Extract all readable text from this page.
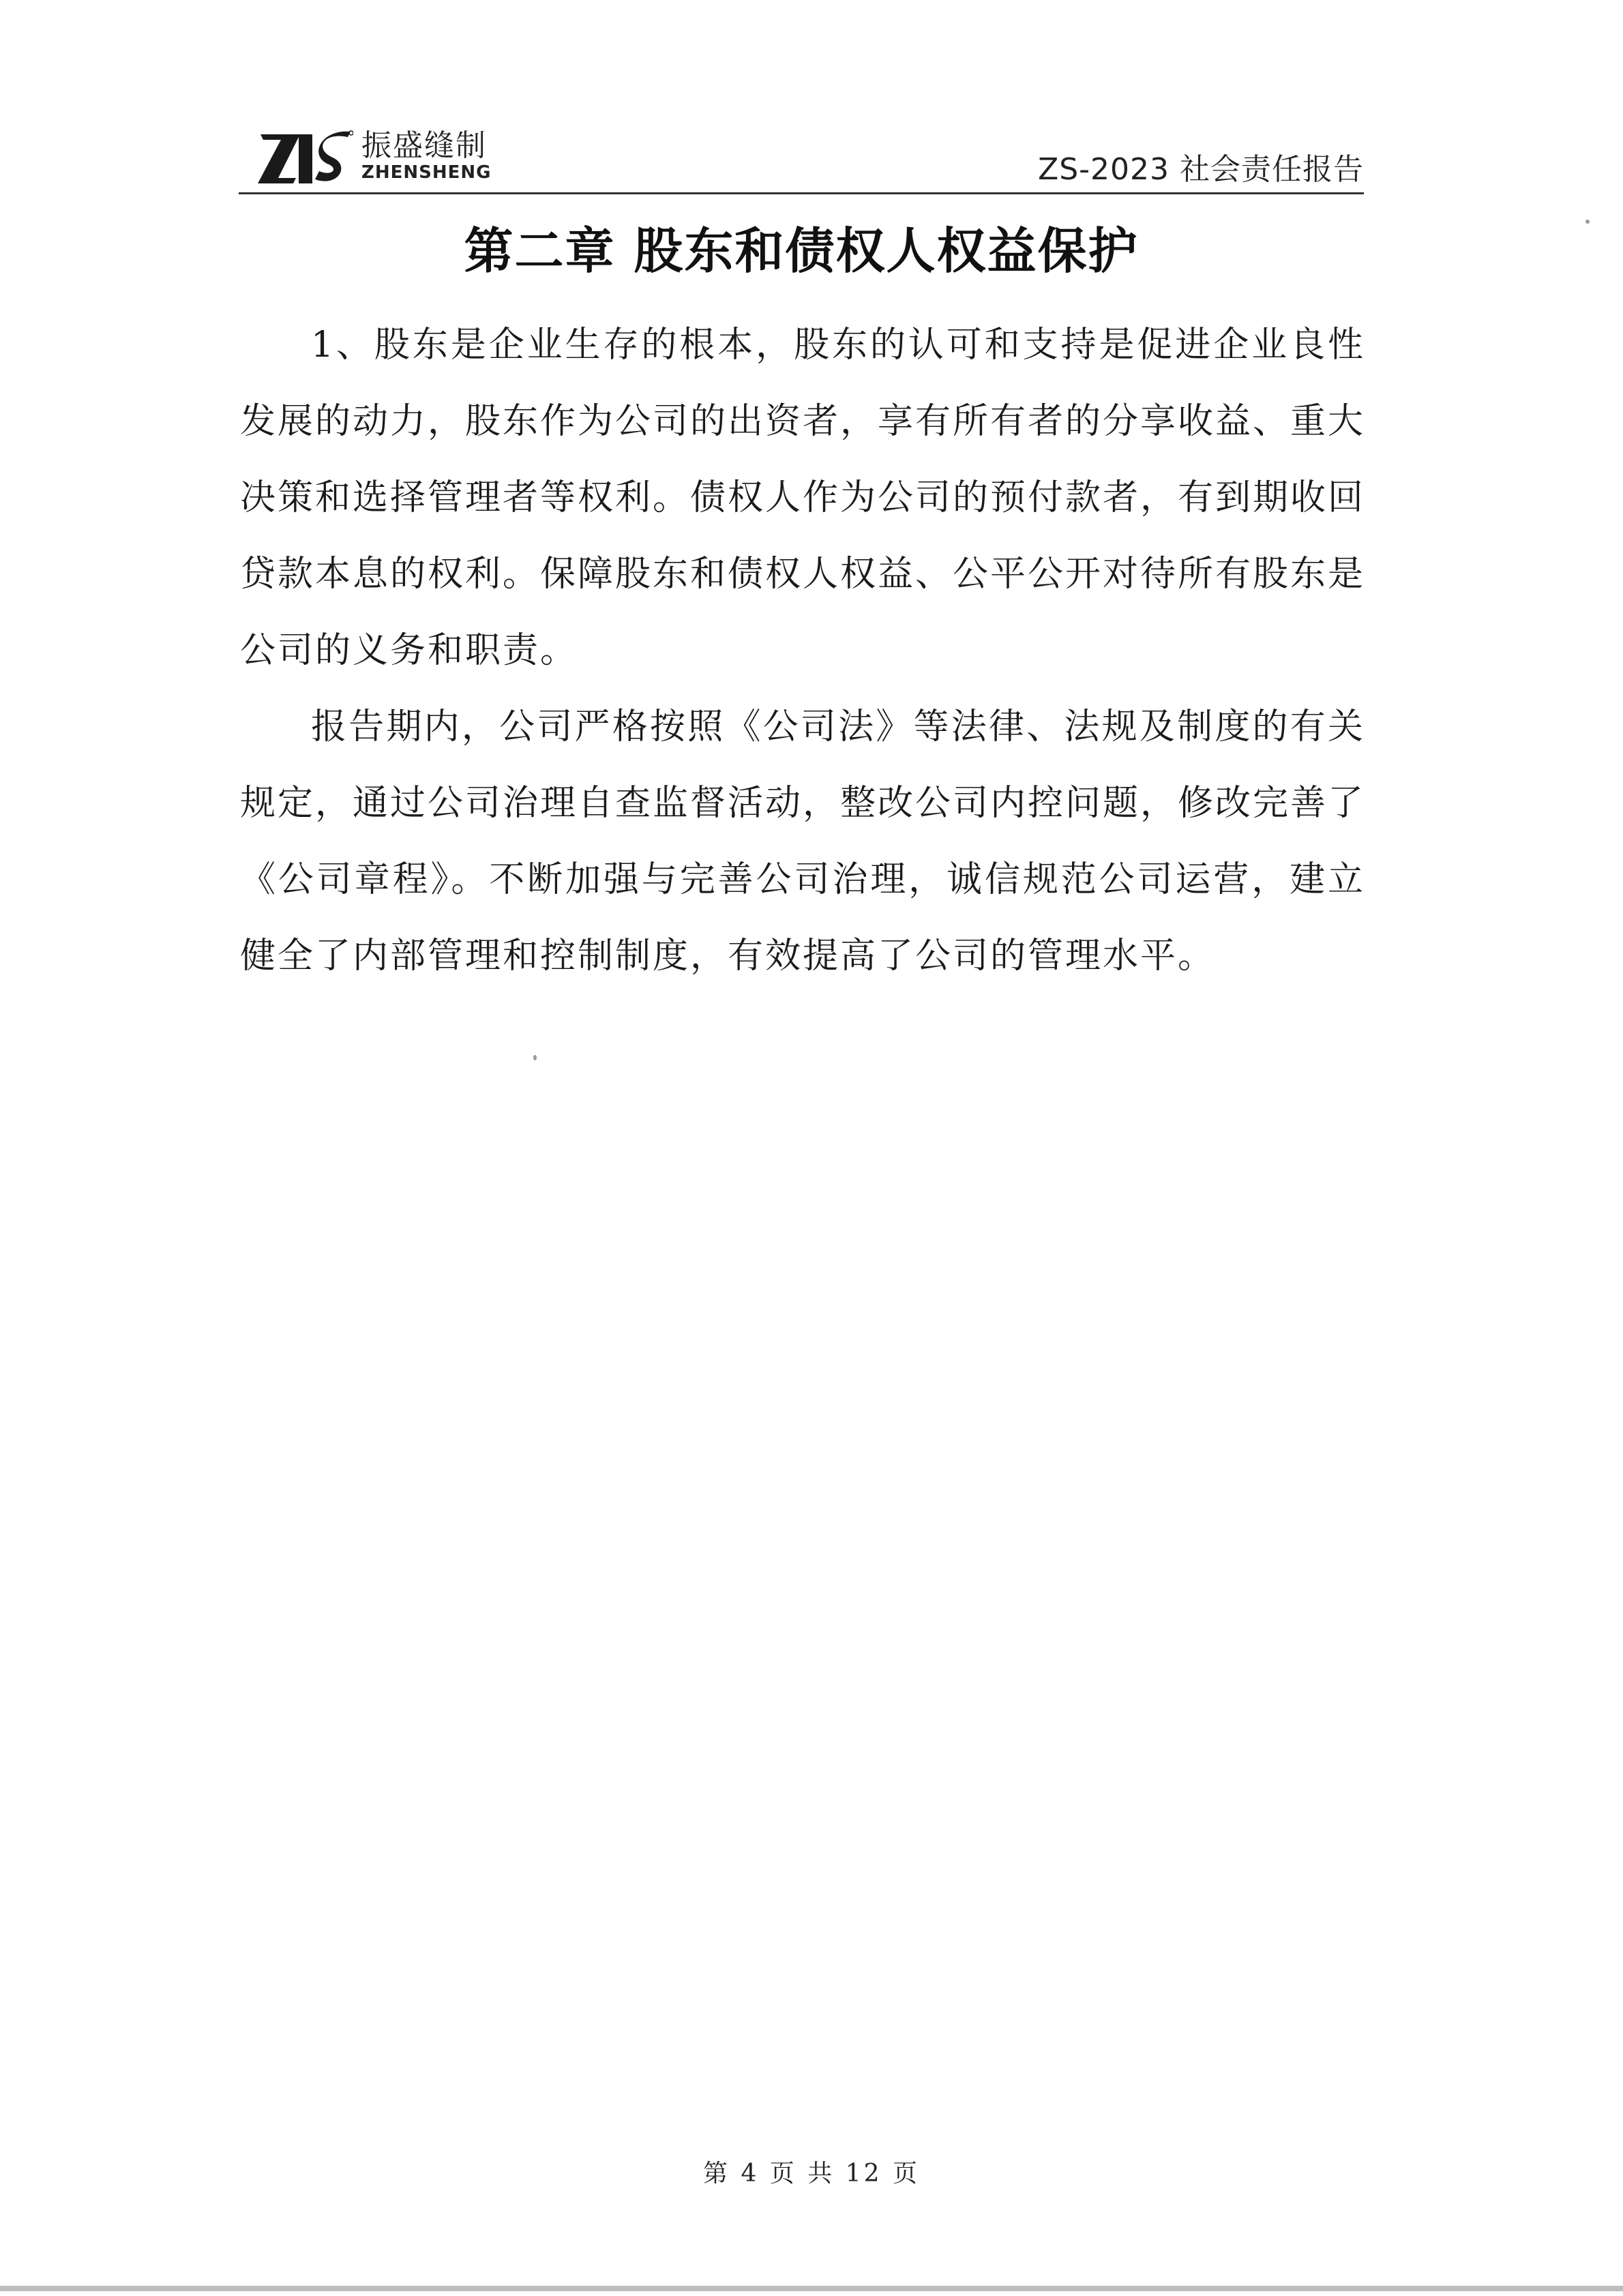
振盛缝制
ZHENSHENG	ZS-2023 社会责任报告
第二章 股东和债权人权益保护

1、股东是企业生存的根本，股东的认可和支持是促进企业良性发展的动力，股东作为公司的出资者，享有所有者的分享收益、重大决策和选择管理者等权利。债权人作为公司的预付款者，有到期收回贷款本息的权利。保障股东和债权人权益、公平公开对待所有股东是公司的义务和职责。

报告期内，公司严格按照《公司法》等法律、法规及制度的有关规定，通过公司治理自查监督活动，整改公司内控问题，修改完善了《公司章程》。不断加强与完善公司治理，诚信规范公司运营，建立健全了内部管理和控制制度，有效提高了公司的管理水平。

第 4 页 共 12 页
